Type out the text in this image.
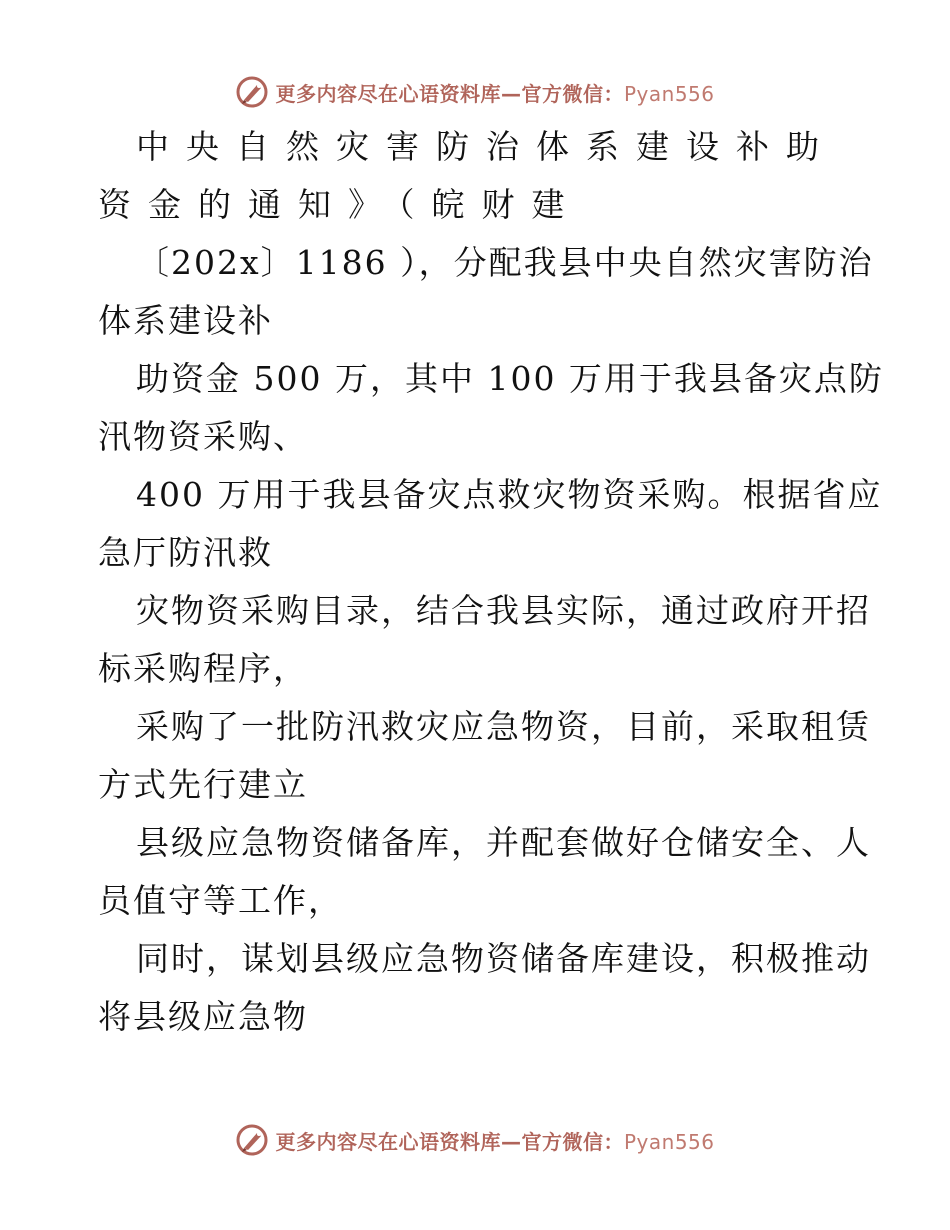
更多内容尽在心语资料库—官方微信：Pyan556
中央自然灾害防治体系建设补助
资金的通知》（皖财建
〔202x〕1186 ），分配我县中央自然灾害防治
体系建设补
助资金 500 万，其中 100 万用于我县备灾点防
汛物资采购、
400 万用于我县备灾点救灾物资采购。根据省应
急厅防汛救
灾物资采购目录，结合我县实际，通过政府开招
标采购程序，
采购了一批防汛救灾应急物资，目前，采取租赁
方式先行建立
县级应急物资储备库，并配套做好仓储安全、人
员值守等工作，
同时，谋划县级应急物资储备库建设，积极推动
将县级应急物
更多内容尽在心语资料库—官方微信：Pyan556
